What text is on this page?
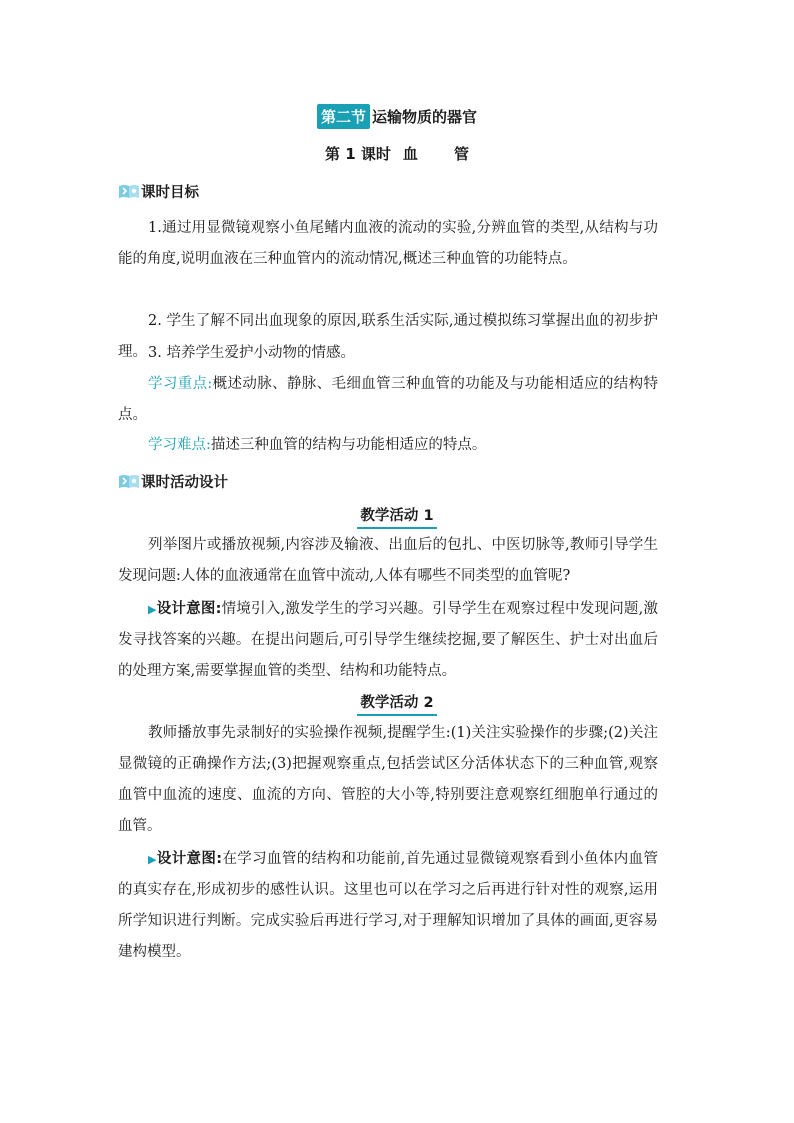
第二节 运输物质的器官
第 1 课时 血 管
课时目标

1.通过用显微镜观察小鱼尾鳍内血液的流动的实验,分辨血管的类型,从结构与功能的角度,说明血液在三种血管内的流动情况,概述三种血管的功能特点。

2. 学生了解不同出血现象的原因,联系生活实际,通过模拟练习掌握出血的初步护理。 3. 培养学生爱护小动物的情感。

学习重点:概述动脉、静脉、毛细血管三种血管的功能及与功能相适应的结构特点。

学习难点:描述三种血管的结构与功能相适应的特点。

课时活动设计
教学活动 1

列举图片或播放视频,内容涉及输液、出血后的包扎、中医切脉等,教师引导学生发现问题:人体的血液通常在血管中流动,人体有哪些不同类型的血管呢?

▶设计意图:情境引入,激发学生的学习兴趣。引导学生在观察过程中发现问题,激发寻找答案的兴趣。在提出问题后,可引导学生继续挖掘,要了解医生、护士对出血后的处理方案,需要掌握血管的类型、结构和功能特点。

教学活动 2

教师播放事先录制好的实验操作视频,提醒学生:(1)关注实验操作的步骤;(2)关注显微镜的正确操作方法;(3)把握观察重点,包括尝试区分活体状态下的三种血管,观察血管中血流的速度、血流的方向、管腔的大小等,特别要注意观察红细胞单行通过的血管。

▶设计意图:在学习血管的结构和功能前,首先通过显微镜观察看到小鱼体内血管的真实存在,形成初步的感性认识。这里也可以在学习之后再进行针对性的观察,运用所学知识进行判断。完成实验后再进行学习,对于理解知识增加了具体的画面,更容易建构模型。
